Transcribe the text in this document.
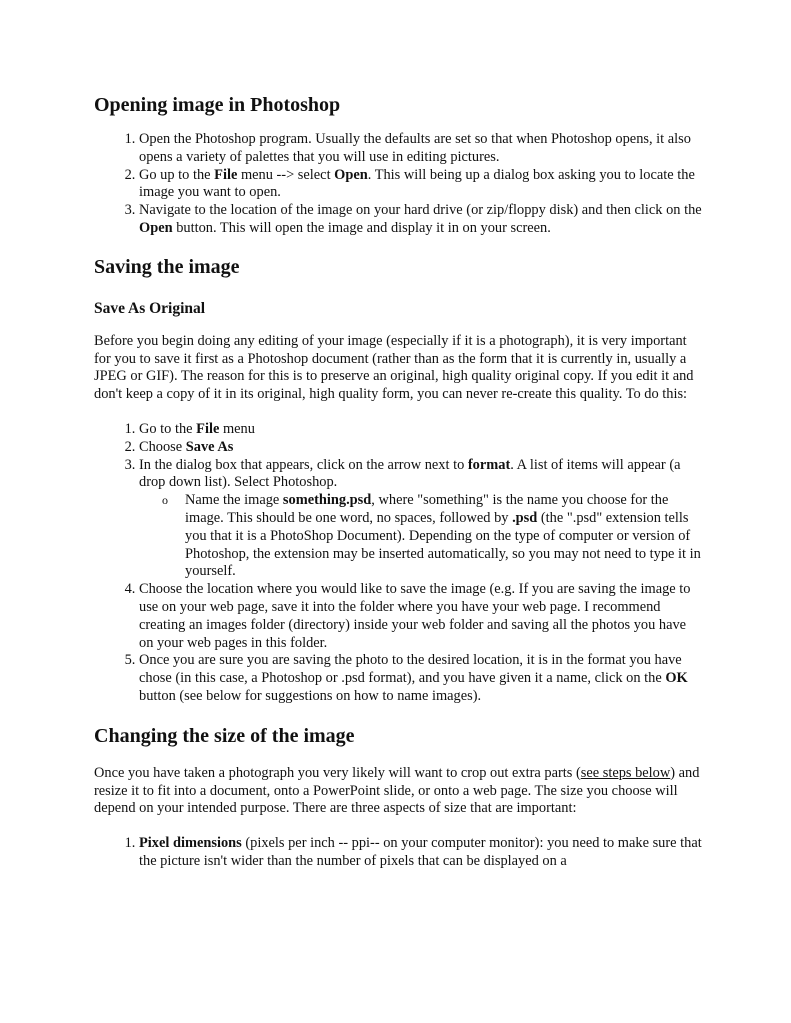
Opening image in Photoshop
1. Open the Photoshop program. Usually the defaults are set so that when Photoshop opens, it also opens a variety of palettes that you will use in editing pictures.
2. Go up to the File menu --> select Open. This will being up a dialog box asking you to locate the image you want to open.
3. Navigate to the location of the image on your hard drive (or zip/floppy disk) and then click on the Open button. This will open the image and display it in on your screen.
Saving the image
Save As Original

Before you begin doing any editing of your image (especially if it is a photograph), it is very important for you to save it first as a Photoshop document (rather than as the form that it is currently in, usually a JPEG or GIF). The reason for this is to preserve an original, high quality original copy. If you edit it and don't keep a copy of it in its original, high quality form, you can never re-create this quality. To do this:

1. Go to the File menu
2. Choose Save As
3. In the dialog box that appears, click on the arrow next to format. A list of items will appear (a drop down list). Select Photoshop.
o Name the image something.psd, where "something" is the name you choose for the image. This should be one word, no spaces, followed by .psd (the ".psd" extension tells you that it is a PhotoShop Document). Depending on the type of computer or version of Photoshop, the extension may be inserted automatically, so you may not need to type it in yourself.
4. Choose the location where you would like to save the image (e.g. If you are saving the image to use on your web page, save it into the folder where you have your web page. I recommend creating an images folder (directory) inside your web folder and saving all the photos you have on your web pages in this folder.
5. Once you are sure you are saving the photo to the desired location, it is in the format you have chose (in this case, a Photoshop or .psd format), and you have given it a name, click on the OK button (see below for suggestions on how to name images).
Changing the size of the image

Once you have taken a photograph you very likely will want to crop out extra parts (see steps below) and resize it to fit into a document, onto a PowerPoint slide, or onto a web page. The size you choose will depend on your intended purpose. There are three aspects of size that are important:

1. Pixel dimensions (pixels per inch -- ppi-- on your computer monitor): you need to make sure that the picture isn't wider than the number of pixels that can be displayed on a
